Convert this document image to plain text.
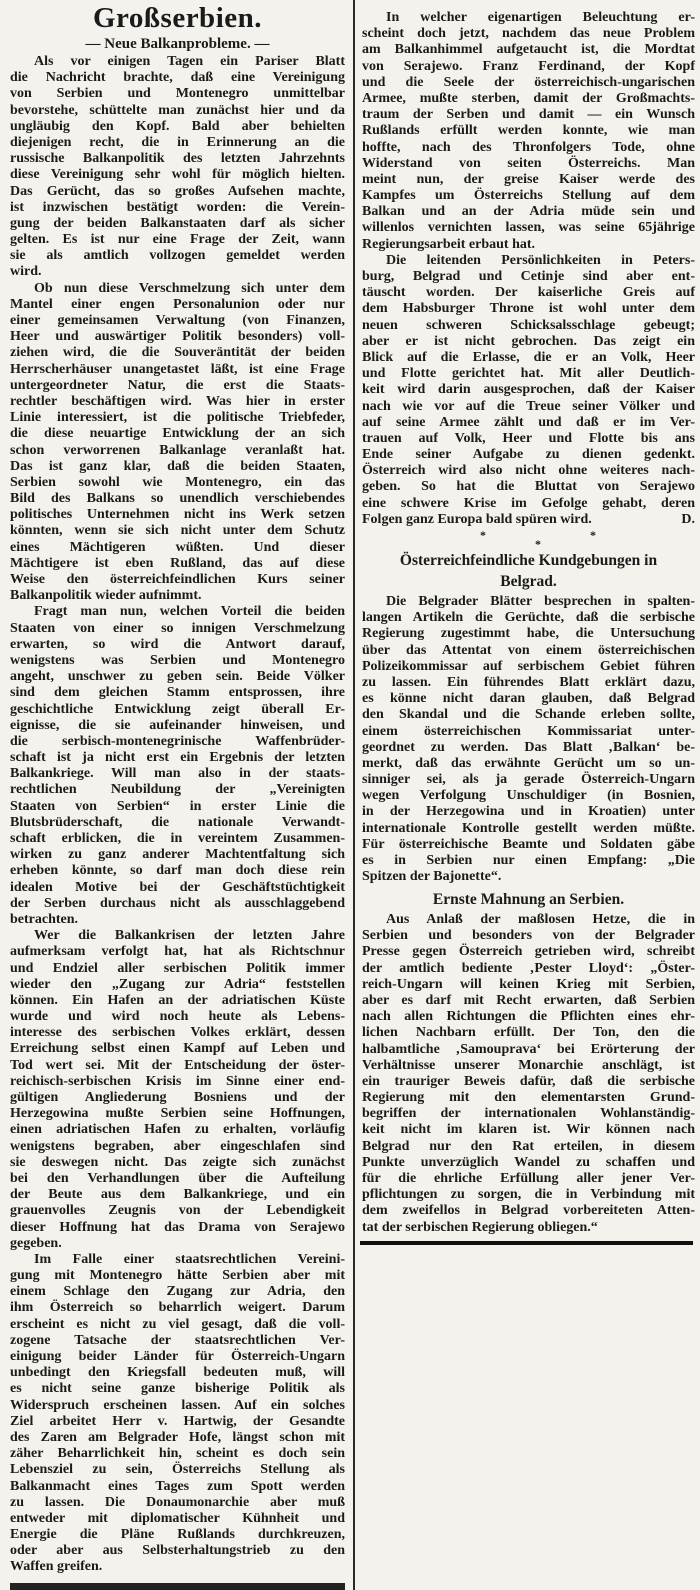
Großserbien.
— Neue Balkanprobleme. —
Als vor einigen Tagen ein Pariser Blatt
die Nachricht brachte, daß eine Vereinigung
von Serbien und Montenegro unmittelbar
bevorstehe, schüttelte man zunächst hier und da
ungläubig den Kopf. Bald aber behielten
diejenigen recht, die in Erinnerung an die
russische Balkanpolitik des letzten Jahrzehnts
diese Vereinigung sehr wohl für möglich hielten.
Das Gerücht, das so großes Aufsehen machte,
ist inzwischen bestätigt worden: die Verein-
gung der beiden Balkanstaaten darf als sicher
gelten. Es ist nur eine Frage der Zeit, wann
sie als amtlich vollzogen gemeldet werden
wird.
Ob nun diese Verschmelzung sich unter dem
Mantel einer engen Personalunion oder nur
einer gemeinsamen Verwaltung (von Finanzen,
Heer und auswärtiger Politik besonders) voll-
ziehen wird, die die Souveräntität der beiden
Herrscherhäuser unangetastet läßt, ist eine Frage
untergeordneter Natur, die erst die Staats-
rechtler beschäftigen wird. Was hier in erster
Linie interessiert, ist die politische Triebfeder,
die diese neuartige Entwicklung der an sich
schon verworrenen Balkanlage veranlaßt hat.
Das ist ganz klar, daß die beiden Staaten,
Serbien sowohl wie Montenegro, ein das
Bild des Balkans so unendlich verschiebendes
politisches Unternehmen nicht ins Werk setzen
könnten, wenn sie sich nicht unter dem Schutz
eines Mächtigeren wüßten. Und dieser
Mächtigere ist eben Rußland, das auf diese
Weise den österreichfeindlichen Kurs seiner
Balkanpolitik wieder aufnimmt.
Fragt man nun, welchen Vorteil die beiden
Staaten von einer so innigen Verschmelzung
erwarten, so wird die Antwort darauf,
wenigstens was Serbien und Montenegro
angeht, unschwer zu geben sein. Beide Völker
sind dem gleichen Stamm entsprossen, ihre
geschichtliche Entwicklung zeigt überall Er-
eignisse, die sie aufeinander hinweisen, und
die serbisch-montenegrinische Waffenbrüder-
schaft ist ja nicht erst ein Ergebnis der letzten
Balkankriege. Will man also in der staats-
rechtlichen Neubildung der „Vereinigten
Staaten von Serbien“ in erster Linie die
Blutsbrüderschaft, die nationale Verwandt-
schaft erblicken, die in vereintem Zusammen-
wirken zu ganz anderer Machtentfaltung sich
erheben könnte, so darf man doch diese rein
idealen Motive bei der Geschäftstüchtigkeit
der Serben durchaus nicht als ausschlaggebend
betrachten.
Wer die Balkankrisen der letzten Jahre
aufmerksam verfolgt hat, hat als Richtschnur
und Endziel aller serbischen Politik immer
wieder den „Zugang zur Adria“ feststellen
können. Ein Hafen an der adriatischen Küste
wurde und wird noch heute als Lebens-
interesse des serbischen Volkes erklärt, dessen
Erreichung selbst einen Kampf auf Leben und
Tod wert sei. Mit der Entscheidung der öster-
reichisch-serbischen Krisis im Sinne einer end-
gültigen Angliederung Bosniens und der
Herzegowina mußte Serbien seine Hoffnungen,
einen adriatischen Hafen zu erhalten, vorläufig
wenigstens begraben, aber eingeschlafen sind
sie deswegen nicht. Das zeigte sich zunächst
bei den Verhandlungen über die Aufteilung
der Beute aus dem Balkankriege, und ein
grauenvolles Zeugnis von der Lebendigkeit
dieser Hoffnung hat das Drama von Serajewo
gegeben.
Im Falle einer staatsrechtlichen Vereini-
gung mit Montenegro hätte Serbien aber mit
einem Schlage den Zugang zur Adria, den
ihm Österreich so beharrlich weigert. Darum
erscheint es nicht zu viel gesagt, daß die voll-
zogene Tatsache der staatsrechtlichen Ver-
einigung beider Länder für Österreich-Ungarn
unbedingt den Kriegsfall bedeuten muß, will
es nicht seine ganze bisherige Politik als
Widerspruch erscheinen lassen. Auf ein solches
Ziel arbeitet Herr v. Hartwig, der Gesandte
des Zaren am Belgrader Hofe, längst schon mit
zäher Beharrlichkeit hin, scheint es doch sein
Lebensziel zu sein, Österreichs Stellung als
Balkanmacht eines Tages zum Spott werden
zu lassen. Die Donaumonarchie aber muß
entweder mit diplomatischer Kühnheit und
Energie die Pläne Rußlands durchkreuzen,
oder aber aus Selbsterhaltungstrieb zu den
Waffen greifen.
In welcher eigenartigen Beleuchtung er-
scheint doch jetzt, nachdem das neue Problem
am Balkanhimmel aufgetaucht ist, die Mordtat
von Serajewo. Franz Ferdinand, der Kopf
und die Seele der österreichisch-ungarischen
Armee, mußte sterben, damit der Großmachts-
traum der Serben und damit — ein Wunsch
Rußlands erfüllt werden konnte, wie man
hoffte, nach des Thronfolgers Tode, ohne
Widerstand von seiten Österreichs. Man
meint nun, der greise Kaiser werde des
Kampfes um Österreichs Stellung auf dem
Balkan und an der Adria müde sein und
willenlos vernichten lassen, was seine 65jährige
Regierungsarbeit erbaut hat.
Die leitenden Persönlichkeiten in Peters-
burg, Belgrad und Cetinje sind aber ent-
täuscht worden. Der kaiserliche Greis auf
dem Habsburger Throne ist wohl unter dem
neuen schweren Schicksalsschlage gebeugt;
aber er ist nicht gebrochen. Das zeigt ein
Blick auf die Erlasse, die er an Volk, Heer
und Flotte gerichtet hat. Mit aller Deutlich-
keit wird darin ausgesprochen, daß der Kaiser
nach wie vor auf die Treue seiner Völker und
auf seine Armee zählt und daß er im Ver-
trauen auf Volk, Heer und Flotte bis ans
Ende seiner Aufgabe zu dienen gedenkt.
Österreich wird also nicht ohne weiteres nach-
geben. So hat die Bluttat von Serajewo
eine schwere Krise im Gefolge gehabt, deren
Folgen ganz Europa bald spüren wird.	D.
*	*
*
Österreichfeindliche Kundgebungen in
Belgrad.
Die Belgrader Blätter besprechen in spalten-
langen Artikeln die Gerüchte, daß die serbische
Regierung zugestimmt habe, die Untersuchung
über das Attentat von einem österreichischen
Polizeikommissar auf serbischem Gebiet führen
zu lassen. Ein führendes Blatt erklärt dazu,
es könne nicht daran glauben, daß Belgrad
den Skandal und die Schande erleben sollte,
einem österreichischen Kommissariat unter-
geordnet zu werden. Das Blatt ‚Balkan‘ be-
merkt, daß das erwähnte Gerücht um so un-
sinniger sei, als ja gerade Österreich-Ungarn
wegen Verfolgung Unschuldiger (in Bosnien,
in der Herzegowina und in Kroatien) unter
internationale Kontrolle gestellt werden müßte.
Für österreichische Beamte und Soldaten gäbe
es in Serbien nur einen Empfang: „Die
Spitzen der Bajonette“.
Ernste Mahnung an Serbien.
Aus Anlaß der maßlosen Hetze, die in
Serbien und besonders von der Belgrader
Presse gegen Österreich getrieben wird, schreibt
der amtlich bediente ‚Pester Lloyd‘: „Öster-
reich-Ungarn will keinen Krieg mit Serbien,
aber es darf mit Recht erwarten, daß Serbien
nach allen Richtungen die Pflichten eines ehr-
lichen Nachbarn erfüllt. Der Ton, den die
halbamtliche ‚Samouprava‘ bei Erörterung der
Verhältnisse unserer Monarchie anschlägt, ist
ein trauriger Beweis dafür, daß die serbische
Regierung mit den elementarsten Grund-
begriffen der internationalen Wohlanständig-
keit nicht im klaren ist. Wir können nach
Belgrad nur den Rat erteilen, in diesem
Punkte unverzüglich Wandel zu schaffen und
für die ehrliche Erfüllung aller jener Ver-
pflichtungen zu sorgen, die in Verbindung mit
dem zweifellos in Belgrad vorbereiteten Atten-
tat der serbischen Regierung obliegen.“
